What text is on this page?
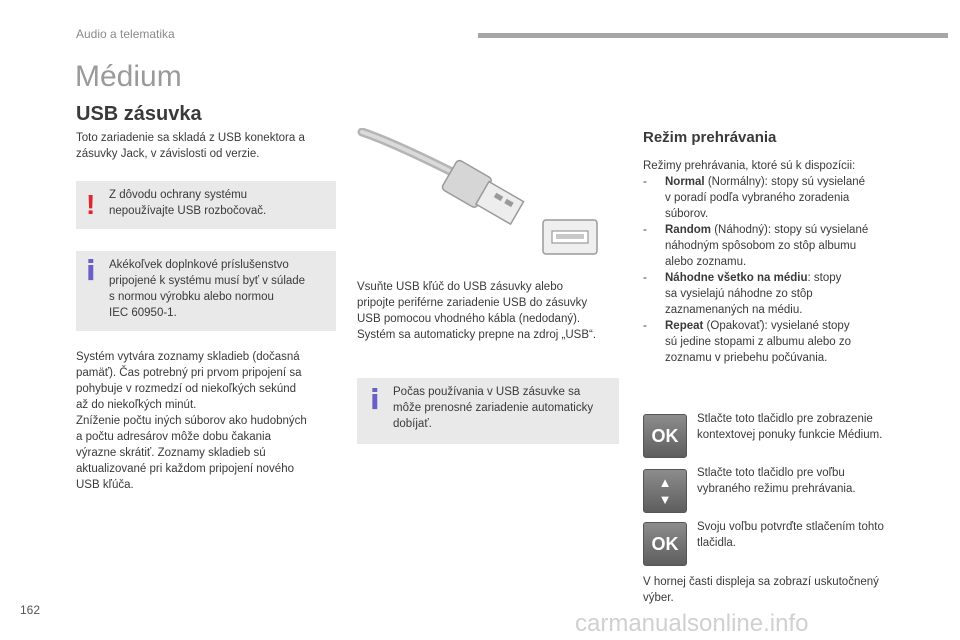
Audio a telematika
Médium
USB zásuvka

Toto zariadenie sa skladá z USB konektora a

zásuvky Jack, v závislosti od verzie.

! Z dôvodu ochrany systému
nepoužívajte USB rozbočovač.
i Akékoľvek doplnkové príslušenstvo
pripojené k systému musí byť v súlade
s normou výrobku alebo normou
IEC 60950-1.

Systém vytvára zoznamy skladieb (dočasná

pamäť). Čas potrebný pri prvom pripojení sa

pohybuje v rozmedzí od niekoľkých sekúnd

až do niekoľkých minút.

Zníženie počtu iných súborov ako hudobných

a počtu adresárov môže dobu čakania

výrazne skrátiť. Zoznamy skladieb sú

aktualizované pri každom pripojení nového

USB kľúča.

Vsuňte USB kľúč do USB zásuvky alebo

pripojte periférne zariadenie USB do zásuvky

USB pomocou vhodného kábla (nedodaný).

Systém sa automaticky prepne na zdroj „USB“.

i Počas používania v USB zásuvke sa
môže prenosné zariadenie automaticky
dobíjať.
Režim prehrávania
Režimy prehrávania, ktoré sú k dispozícii:
-	Normal (Normálny): stopy sú vysielané
v poradí podľa vybraného zoradenia
súborov.
-	Random (Náhodný): stopy sú vysielané
náhodným spôsobom zo stôp albumu
alebo zoznamu.
-	Náhodne všetko na médiu: stopy
sa vysielajú náhodne zo stôp
zaznamenaných na médiu.
-	Repeat (Opakovať): vysielané stopy
sú jedine stopami z albumu alebo zo
zoznamu v priebehu počúvania.
OK
Stlačte toto tlačidlo pre zobrazenie
kontextovej ponuky funkcie Médium.
▲
▼
Stlačte toto tlačidlo pre voľbu
vybraného režimu prehrávania.
OK
Svoju voľbu potvrďte stlačením tohto
tlačidla.

V hornej časti displeja sa zobrazí uskutočnený

výber.

162	carmanualsonline.info
